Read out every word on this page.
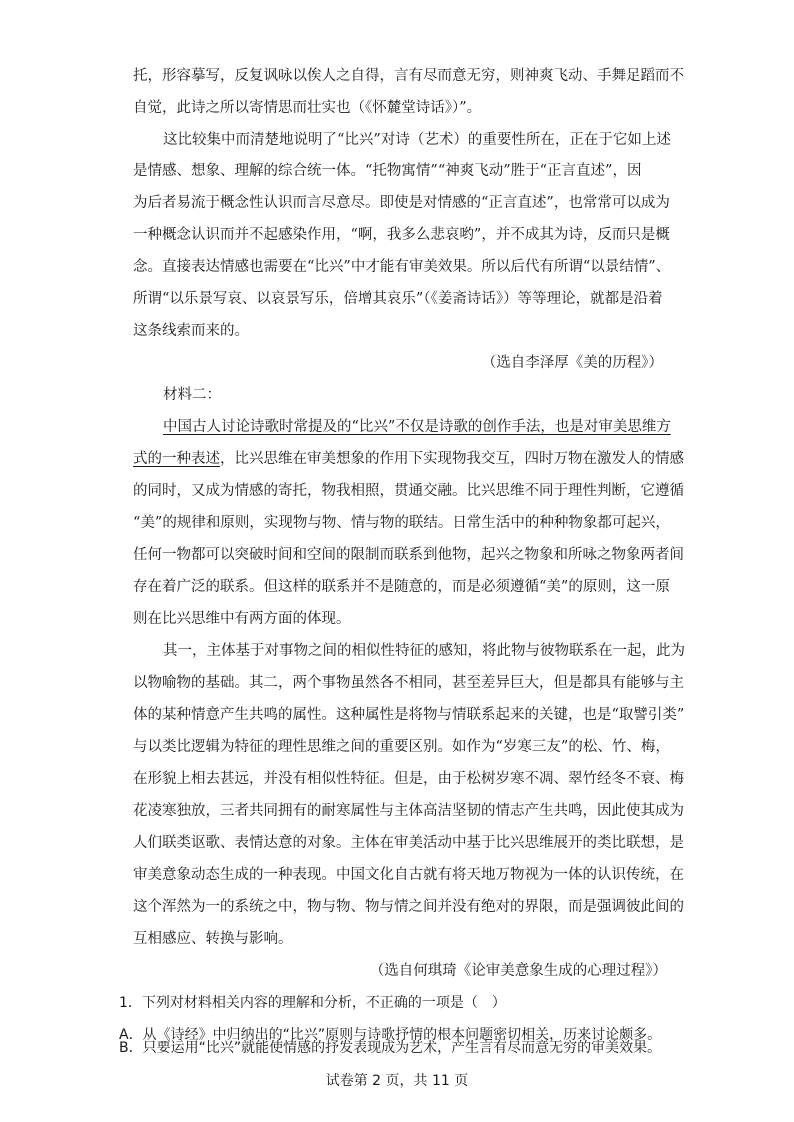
托，形容摹写，反复讽咏以俟人之自得，言有尽而意无穷，则神爽飞动、手舞足蹈而不
自觉，此诗之所以寄情思而壮实也（《怀麓堂诗话》）”。
这比较集中而清楚地说明了“比兴”对诗（艺术）的重要性所在，正在于它如上述
是情感、想象、理解的综合统一体。“托物寓情”“神爽飞动”胜于“正言直述”，因
为后者易流于概念性认识而言尽意尽。即使是对情感的“正言直述”，也常常可以成为
一种概念认识而并不起感染作用，“啊，我多么悲哀哟”，并不成其为诗，反而只是概
念。直接表达情感也需要在“比兴”中才能有审美效果。所以后代有所谓“以景结情”、
所谓“以乐景写哀、以哀景写乐，倍增其哀乐”（《姜斋诗话》）等等理论，就都是沿着
这条线索而来的。
（选自李泽厚《美的历程》）
材料二：
中国古人讨论诗歌时常提及的“比兴”不仅是诗歌的创作手法，也是对审美思维方
式的一种表述，比兴思维在审美想象的作用下实现物我交互，四时万物在激发人的情感
的同时，又成为情感的寄托，物我相照，贯通交融。比兴思维不同于理性判断，它遵循
“美”的规律和原则，实现物与物、情与物的联结。日常生活中的种种物象都可起兴，
任何一物都可以突破时间和空间的限制而联系到他物，起兴之物象和所咏之物象两者间
存在着广泛的联系。但这样的联系并不是随意的，而是必须遵循“美”的原则，这一原
则在比兴思维中有两方面的体现。
其一，主体基于对事物之间的相似性特征的感知，将此物与彼物联系在一起，此为
以物喻物的基础。其二，两个事物虽然各不相同，甚至差异巨大，但是都具有能够与主
体的某种情意产生共鸣的属性。这种属性是将物与情联系起来的关键，也是“取譬引类”
与以类比逻辑为特征的理性思维之间的重要区别。如作为“岁寒三友”的松、竹、梅，
在形貌上相去甚远，并没有相似性特征。但是，由于松树岁寒不凋、翠竹经冬不衰、梅
花凌寒独放，三者共同拥有的耐寒属性与主体高洁坚韧的情志产生共鸣，因此使其成为
人们联类讴歌、表情达意的对象。主体在审美活动中基于比兴思维展开的类比联想，是
审美意象动态生成的一种表现。中国文化自古就有将天地万物视为一体的认识传统，在
这个浑然为一的系统之中，物与物、物与情之间并没有绝对的界限，而是强调彼此间的
互相感应、转换与影响。
（选自何琪琦《论审美意象生成的心理过程》）
1．下列对材料相关内容的理解和分析，不正确的一项是（　）
A．从《诗经》中归纳出的“比兴”原则与诗歌抒情的根本问题密切相关，历来讨论颇多。
B．只要运用“比兴”就能使情感的抒发表现成为艺术，产生言有尽而意无穷的审美效果。
试卷第 2 页，共 11 页
